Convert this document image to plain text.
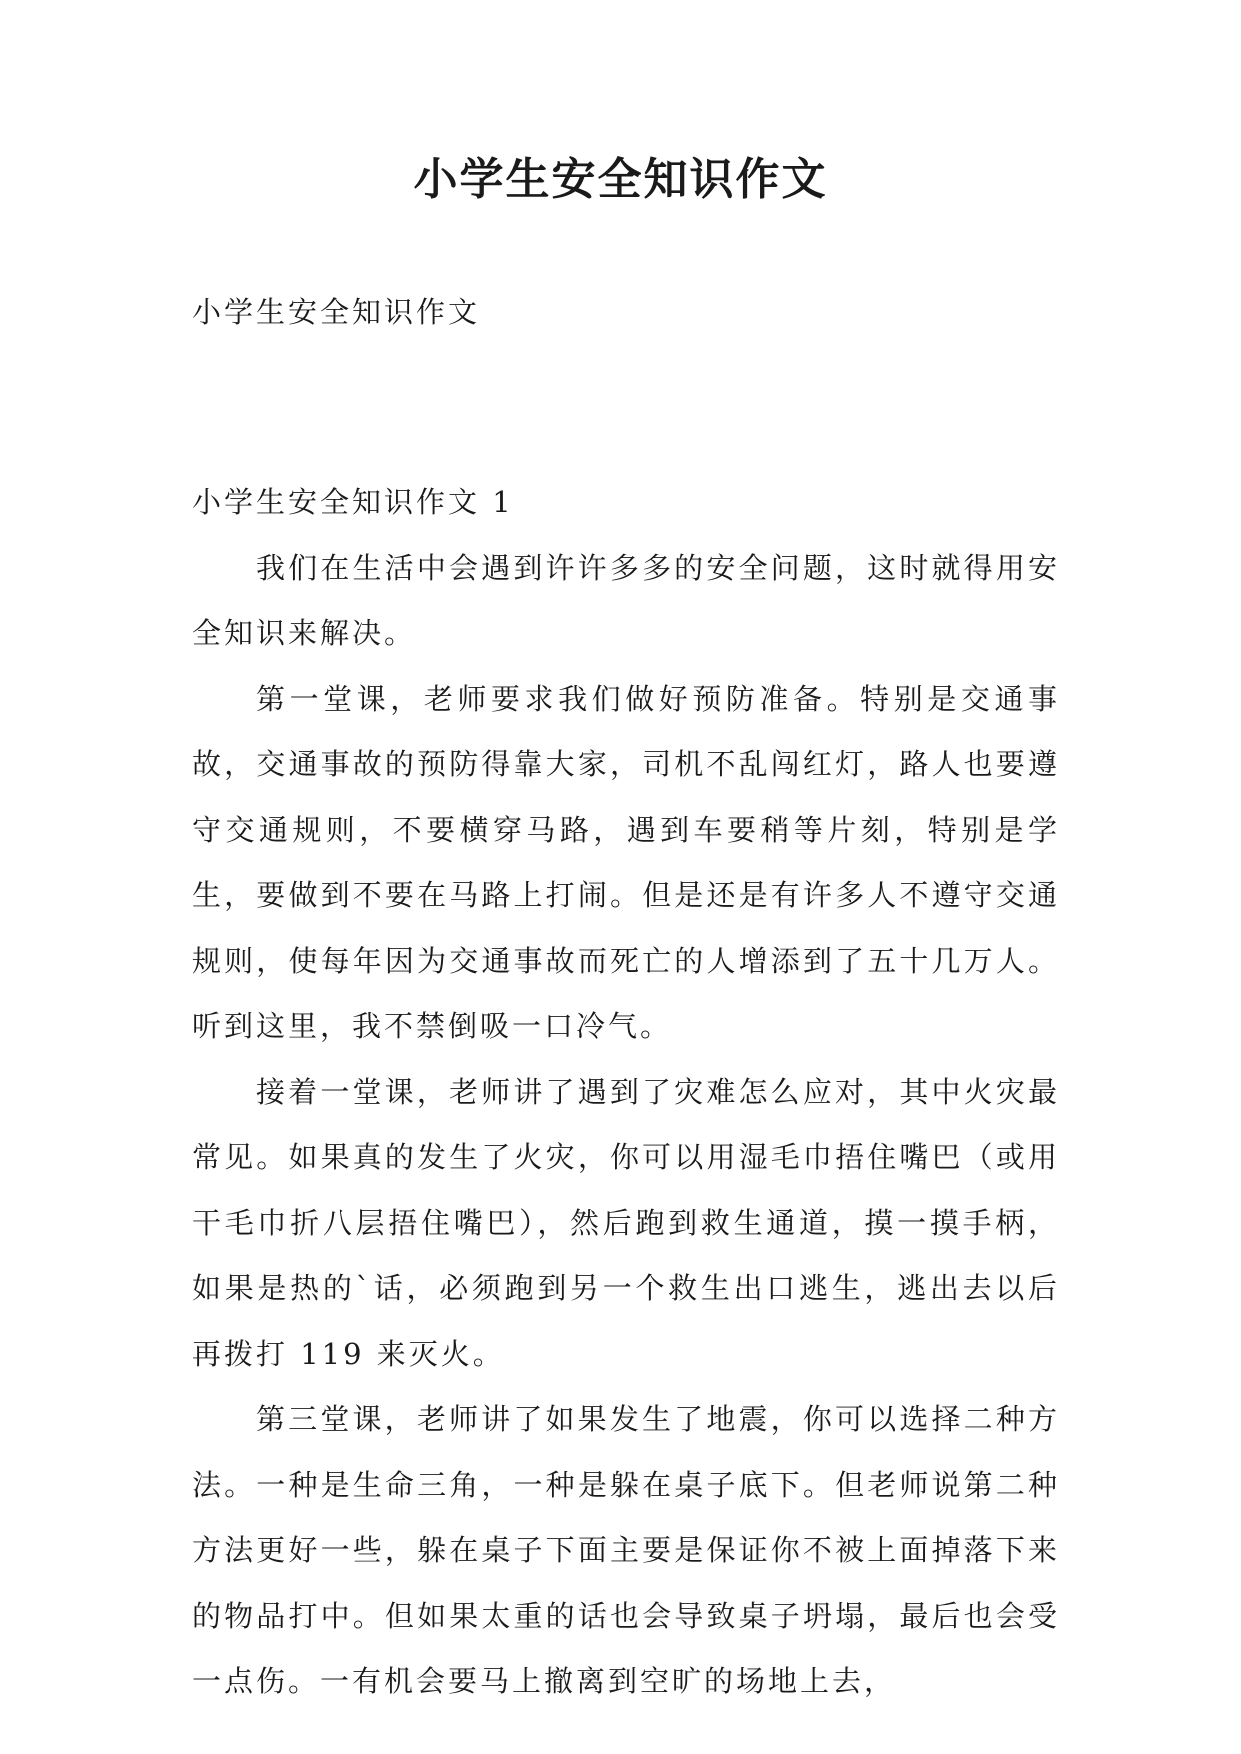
小学生安全知识作文
小学生安全知识作文

小学生安全知识作文 1

我们在生活中会遇到许许多多的安全问题，这时就得用安全知识来解决。

第一堂课，老师要求我们做好预防准备。特别是交通事故，交通事故的预防得靠大家，司机不乱闯红灯，路人也要遵守交通规则，不要横穿马路，遇到车要稍等片刻，特别是学生，要做到不要在马路上打闹。但是还是有许多人不遵守交通规则，使每年因为交通事故而死亡的人增添到了五十几万人。听到这里，我不禁倒吸一口冷气。

接着一堂课，老师讲了遇到了灾难怎么应对，其中火灾最常见。如果真的发生了火灾，你可以用湿毛巾捂住嘴巴（或用干毛巾折八层捂住嘴巴），然后跑到救生通道，摸一摸手柄，如果是热的`话，必须跑到另一个救生出口逃生，逃出去以后再拨打 119 来灭火。

第三堂课，老师讲了如果发生了地震，你可以选择二种方法。一种是生命三角，一种是躲在桌子底下。但老师说第二种方法更好一些，躲在桌子下面主要是保证你不被上面掉落下来的物品打中。但如果太重的话也会导致桌子坍塌，最后也会受一点伤。一有机会要马上撤离到空旷的场地上去，
